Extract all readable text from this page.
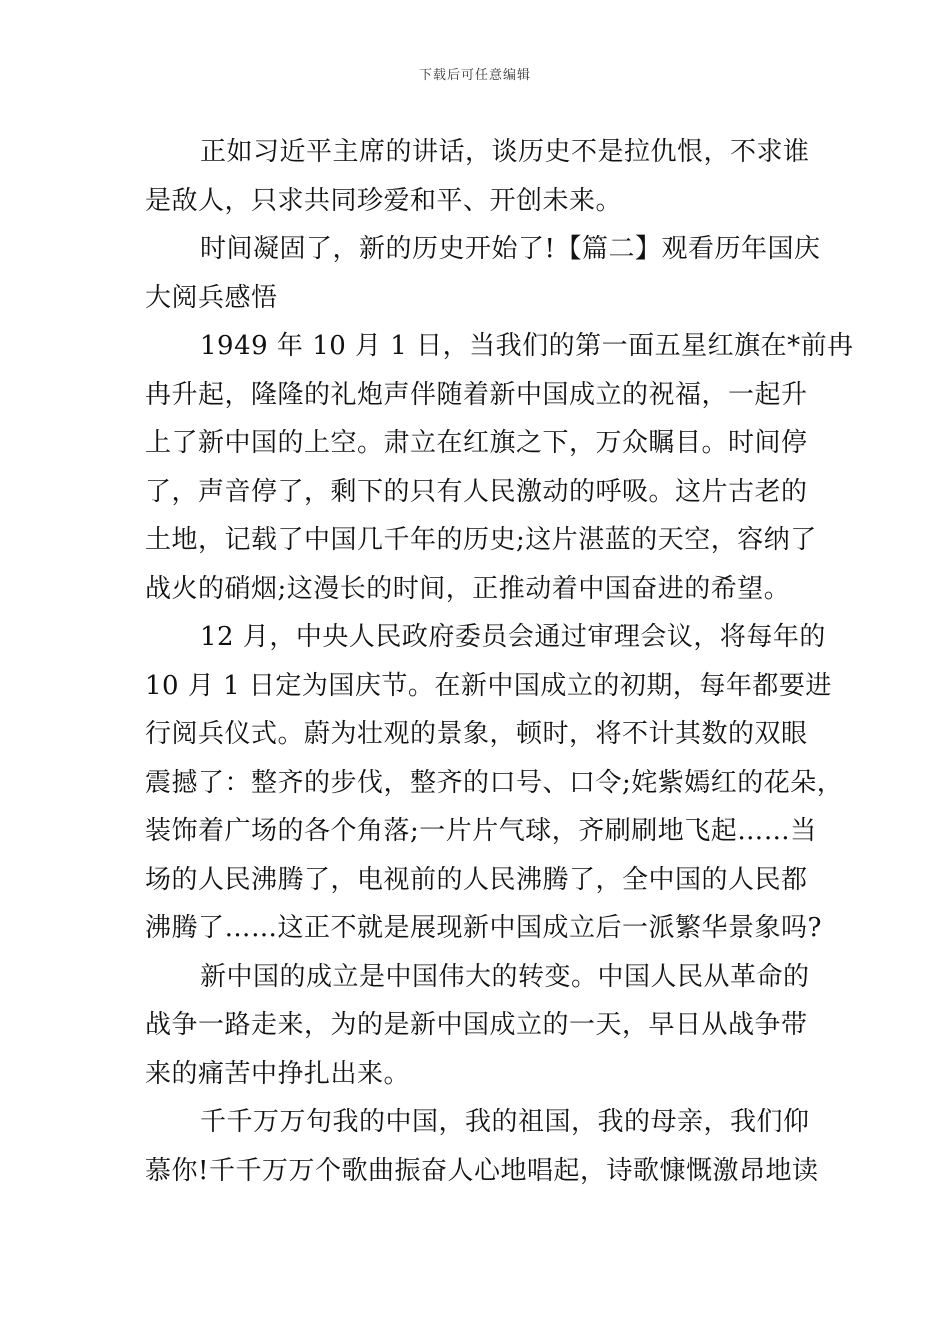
下载后可任意编辑
正如习近平主席的讲话，谈历史不是拉仇恨，不求谁
是敌人，只求共同珍爱和平、开创未来。
时间凝固了，新的历史开始了!【篇二】观看历年国庆
大阅兵感悟
1949 年 10 月 1 日，当我们的第一面五星红旗在*前冉
冉升起，隆隆的礼炮声伴随着新中国成立的祝福，一起升
上了新中国的上空。肃立在红旗之下，万众瞩目。时间停
了，声音停了，剩下的只有人民激动的呼吸。这片古老的
土地，记载了中国几千年的历史;这片湛蓝的天空，容纳了
战火的硝烟;这漫长的时间，正推动着中国奋进的希望。
12 月，中央人民政府委员会通过审理会议，将每年的
10 月 1 日定为国庆节。在新中国成立的初期，每年都要进
行阅兵仪式。蔚为壮观的景象，顿时，将不计其数的双眼
震撼了：整齐的步伐，整齐的口号、口令;姹紫嫣红的花朵，
装饰着广场的各个角落;一片片气球，齐刷刷地飞起……当
场的人民沸腾了，电视前的人民沸腾了，全中国的人民都
沸腾了……这正不就是展现新中国成立后一派繁华景象吗?
新中国的成立是中国伟大的转变。中国人民从革命的
战争一路走来，为的是新中国成立的一天，早日从战争带
来的痛苦中挣扎出来。
千千万万句我的中国，我的祖国，我的母亲，我们仰
慕你!千千万万个歌曲振奋人心地唱起，诗歌慷慨激昂地读
